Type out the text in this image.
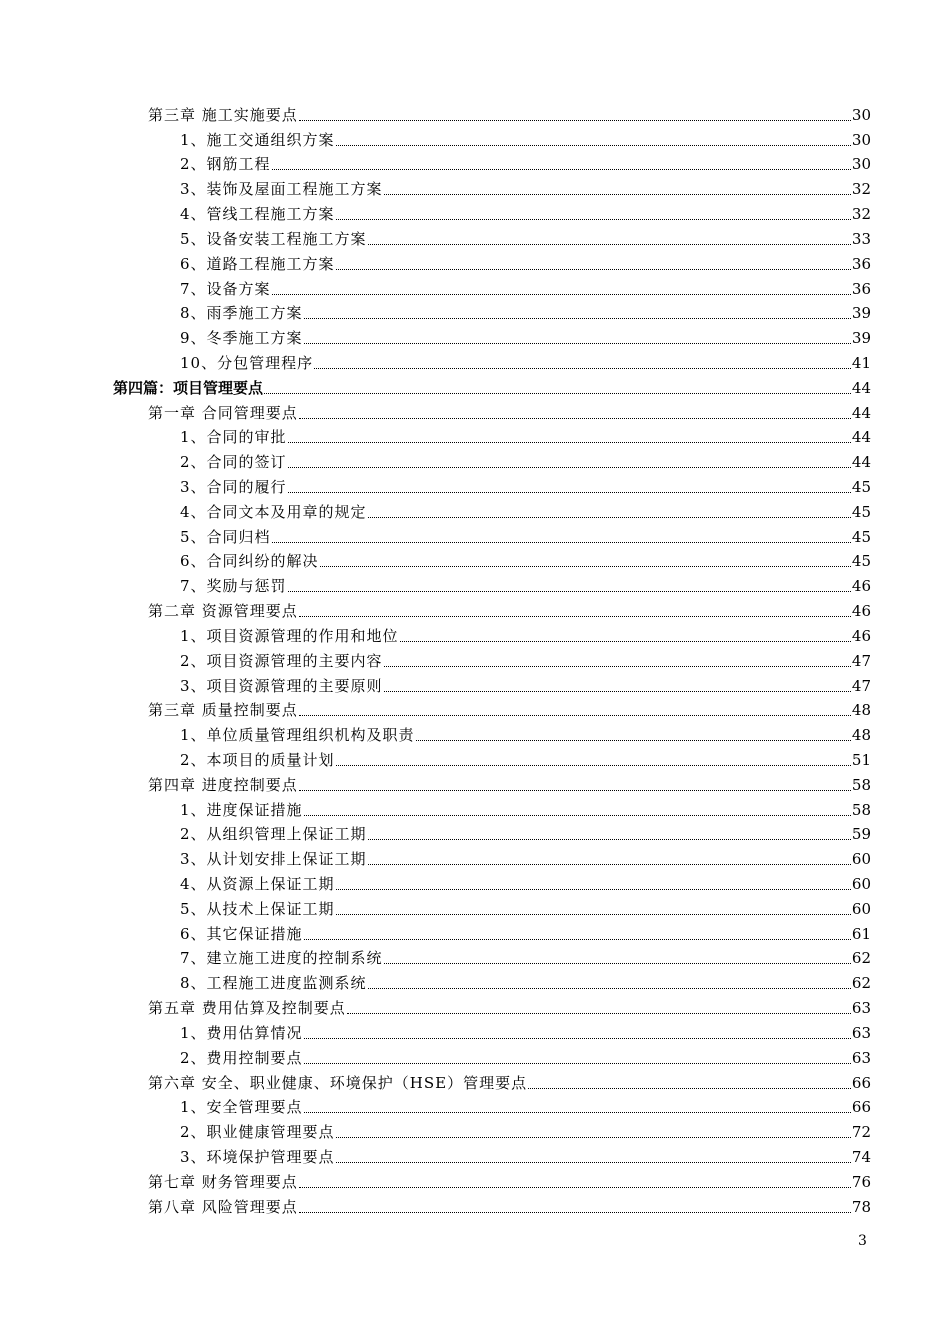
第三章 施工实施要点	30
1、施工交通组织方案	30
2、钢筋工程	30
3、装饰及屋面工程施工方案	32
4、管线工程施工方案	32
5、设备安装工程施工方案	33
6、道路工程施工方案	36
7、设备方案	36
8、雨季施工方案	39
9、冬季施工方案	39
10、分包管理程序	41
第四篇：项目管理要点	44
第一章 合同管理要点	44
1、合同的审批	44
2、合同的签订	44
3、合同的履行	45
4、合同文本及用章的规定	45
5、合同归档	45
6、合同纠纷的解决	45
7、奖励与惩罚	46
第二章 资源管理要点	46
1、项目资源管理的作用和地位	46
2、项目资源管理的主要内容	47
3、项目资源管理的主要原则	47
第三章 质量控制要点	48
1、单位质量管理组织机构及职责	48
2、本项目的质量计划	51
第四章 进度控制要点	58
1、进度保证措施	58
2、从组织管理上保证工期	59
3、从计划安排上保证工期	60
4、从资源上保证工期	60
5、从技术上保证工期	60
6、其它保证措施	61
7、建立施工进度的控制系统	62
8、工程施工进度监测系统	62
第五章 费用估算及控制要点	63
1、费用估算情况	63
2、费用控制要点	63
第六章 安全、职业健康、环境保护（HSE）管理要点	66
1、安全管理要点	66
2、职业健康管理要点	72
3、环境保护管理要点	74
第七章 财务管理要点	76
第八章 风险管理要点	78
3
